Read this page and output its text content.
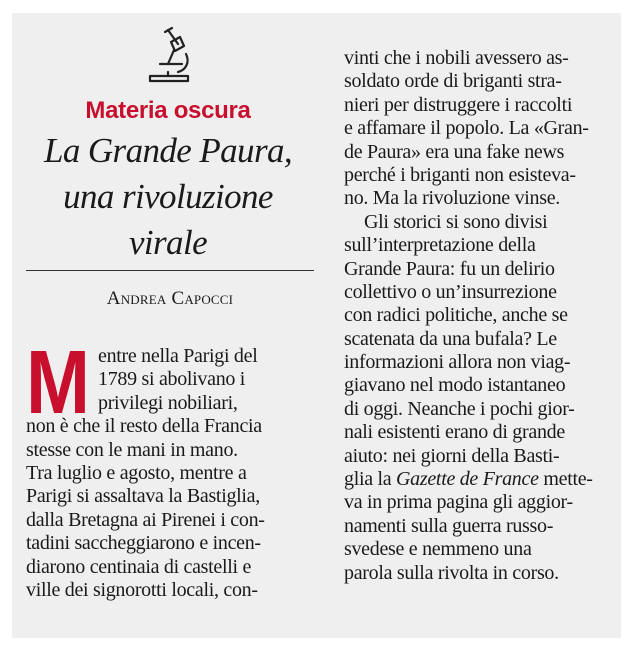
Materia oscura
La Grande Paura,
una rivoluzione
virale
Andrea Capocci
M entre nella Parigi del
1789 si abolivano i
privilegi nobiliari,
non è che il resto della Francia
stesse con le mani in mano.
Tra luglio e agosto, mentre a
Parigi si assaltava la Bastiglia,
dalla Bretagna ai Pirenei i con-
tadini saccheggiarono e incen-
diarono centinaia di castelli e
ville dei signorotti locali, con-
vinti che i nobili avessero as-
soldato orde di briganti stra-
nieri per distruggere i raccolti
e affamare il popolo. La «Gran-
de Paura» era una fake news
perché i briganti non esisteva-
no. Ma la rivoluzione vinse.
Gli storici si sono divisi
sull’interpretazione della
Grande Paura: fu un delirio
collettivo o un’insurrezione
con radici politiche, anche se
scatenata da una bufala? Le
informazioni allora non viag-
giavano nel modo istantaneo
di oggi. Neanche i pochi gior-
nali esistenti erano di grande
aiuto: nei giorni della Basti-
glia la Gazette de France mette-
va in prima pagina gli aggior-
namenti sulla guerra russo-
svedese e nemmeno una
parola sulla rivolta in corso.
